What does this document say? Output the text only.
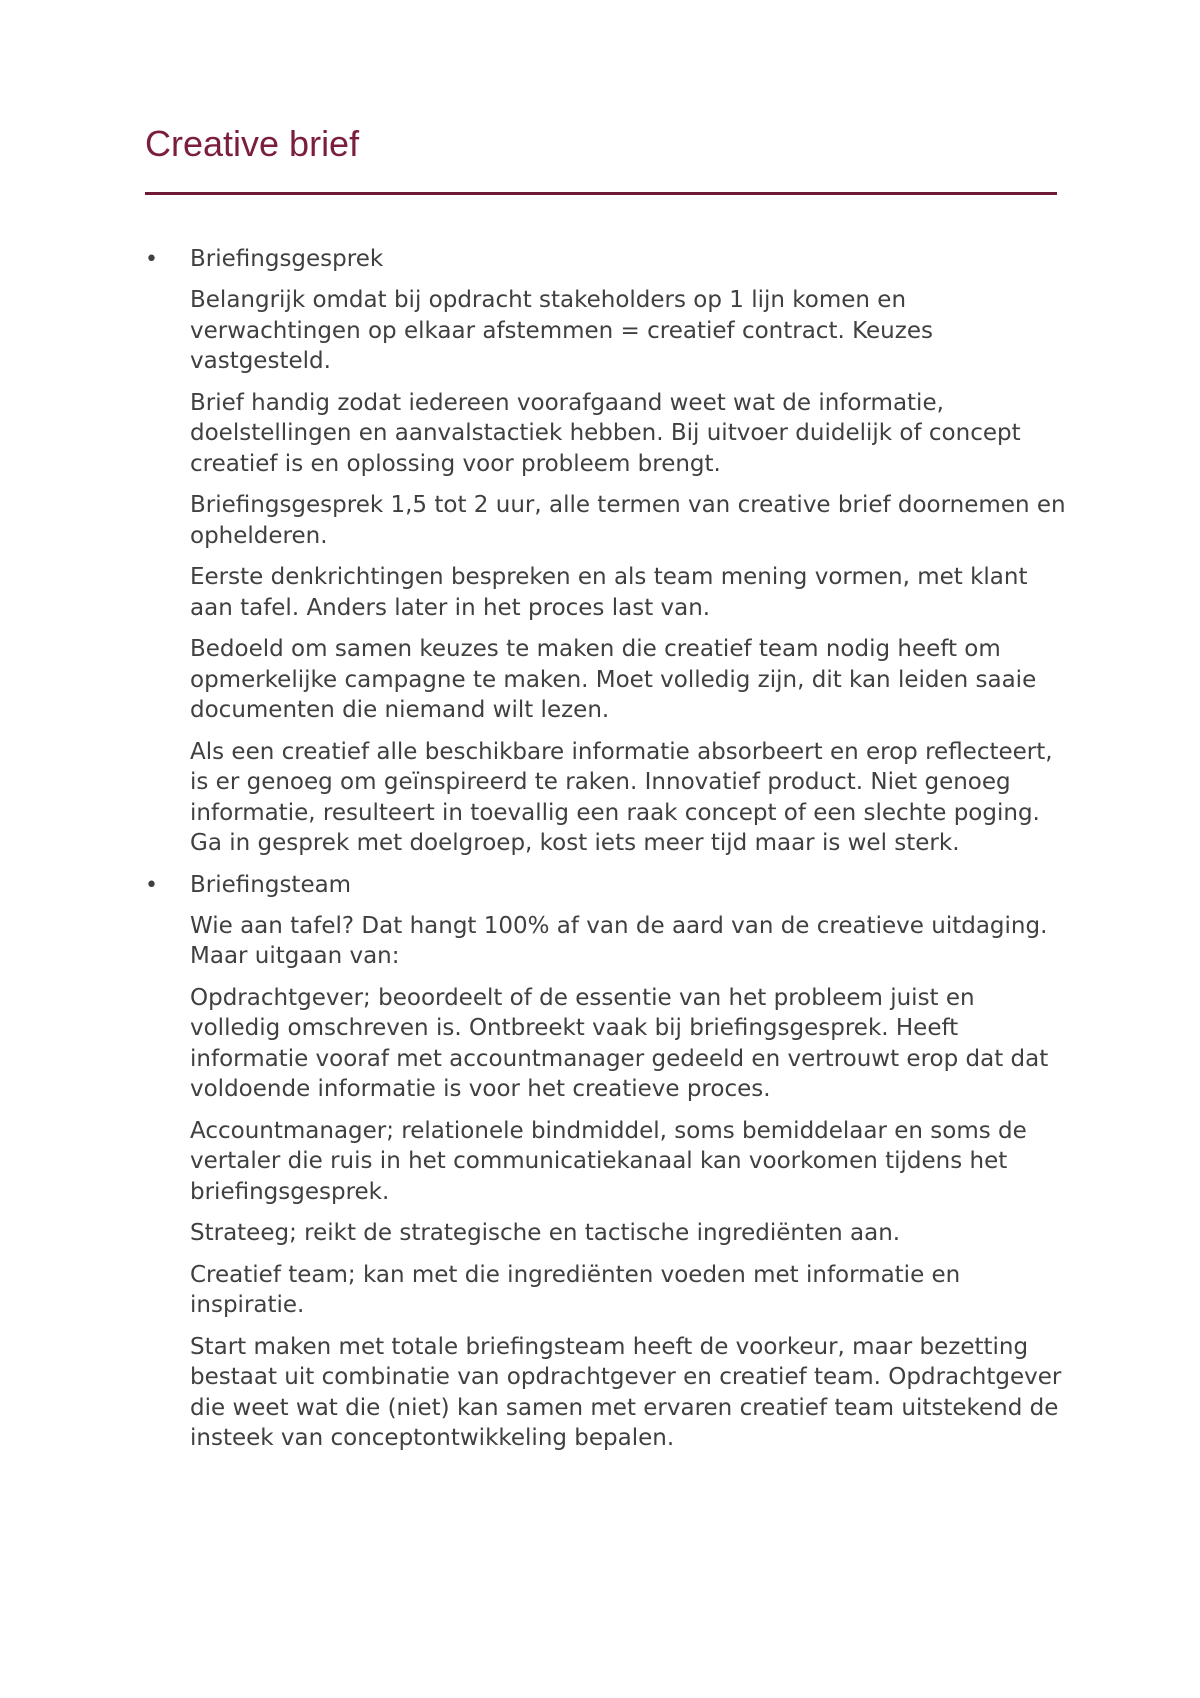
Creative brief
•	Briefingsgesprek

Belangrijk omdat bij opdracht stakeholders op 1 lijn komen en verwachtingen op elkaar afstemmen = creatief contract. Keuzes vastgesteld.

Brief handig zodat iedereen voorafgaand weet wat de informatie, doelstellingen en aanvalstactiek hebben. Bij uitvoer duidelijk of concept creatief is en oplossing voor probleem brengt.

Briefingsgesprek 1,5 tot 2 uur, alle termen van creative brief doornemen en ophelderen.

Eerste denkrichtingen bespreken en als team mening vormen, met klant aan tafel. Anders later in het proces last van.

Bedoeld om samen keuzes te maken die creatief team nodig heeft om opmerkelijke campagne te maken. Moet volledig zijn, dit kan leiden saaie documenten die niemand wilt lezen.

Als een creatief alle beschikbare informatie absorbeert en erop reflecteert, is er genoeg om geïnspireerd te raken. Innovatief product. Niet genoeg informatie, resulteert in toevallig een raak concept of een slechte poging. Ga in gesprek met doelgroep, kost iets meer tijd maar is wel sterk.

•	Briefingsteam

Wie aan tafel? Dat hangt 100% af van de aard van de creatieve uitdaging. Maar uitgaan van:

Opdrachtgever; beoordeelt of de essentie van het probleem juist en volledig omschreven is. Ontbreekt vaak bij briefingsgesprek. Heeft informatie vooraf met accountmanager gedeeld en vertrouwt erop dat dat voldoende informatie is voor het creatieve proces.

Accountmanager; relationele bindmiddel, soms bemiddelaar en soms de vertaler die ruis in het communicatiekanaal kan voorkomen tijdens het briefingsgesprek.

Strateeg; reikt de strategische en tactische ingrediënten aan.

Creatief team; kan met die ingrediënten voeden met informatie en inspiratie.

Start maken met totale briefingsteam heeft de voorkeur, maar bezetting bestaat uit combinatie van opdrachtgever en creatief team. Opdrachtgever die weet wat die (niet) kan samen met ervaren creatief team uitstekend de insteek van conceptontwikkeling bepalen.
